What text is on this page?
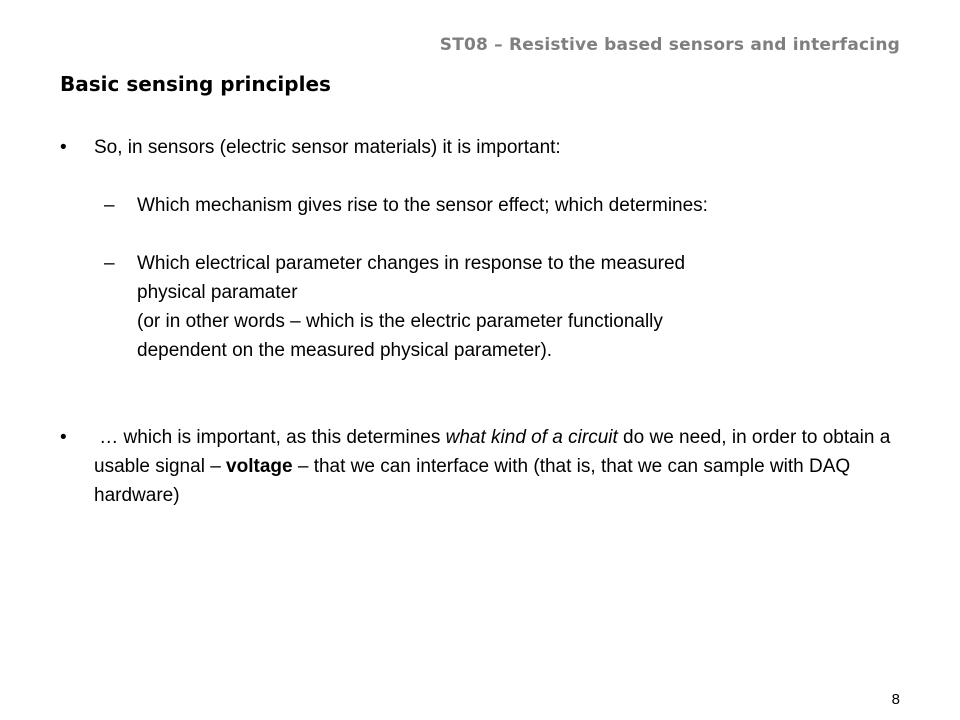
ST08 – Resistive based sensors and interfacing
Basic sensing principles
• So, in sensors (electric sensor materials) it is important:
– Which mechanism gives rise to the sensor effect; which determines:
– Which electrical parameter changes in response to the measured
physical paramater
(or in other words – which is the electric parameter functionally
dependent on the measured physical parameter).
• … which is important, as this determines what kind of a circuit do we need, in order to obtain a usable signal – voltage – that we can interface with (that is, that we can sample with DAQ hardware)
8
